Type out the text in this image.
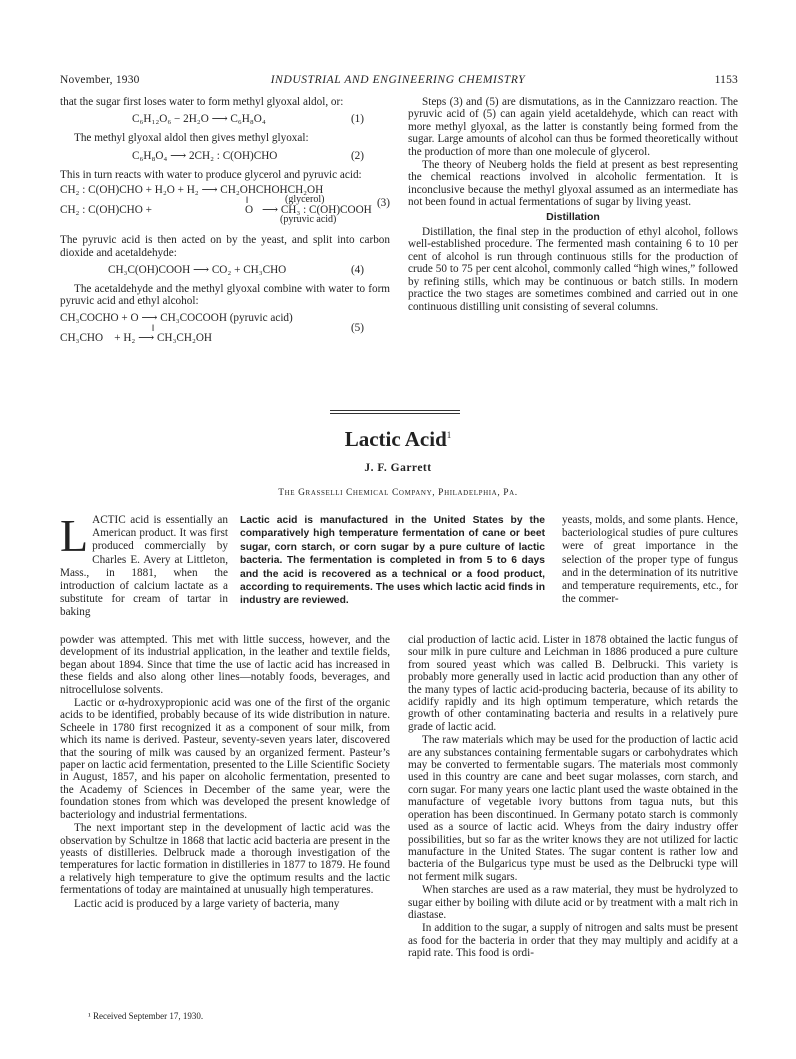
November, 1930	INDUSTRIAL AND ENGINEERING CHEMISTRY	1153

that the sugar first loses water to form methyl glyoxal aldol, or:

C₆H₁₂O₆ − 2H₂O ⟶ C₆H₈O₄	(1)

The methyl glyoxal aldol then gives methyl glyoxal:

C₆H₈O₄ ⟶ 2CH₂ : C(OH)CHO	(2)

This in turn reacts with water to produce glycerol and pyruvic acid:

CH₂ : C(OH)CHO + H₂O + H₂ ⟶ CH₂OHCHOHCH₂OH
‖	(glycerol)
CH₂ : C(OH)CHO +	O ⟶ CH₃ : C(OH)COOH
(pyruvic acid)
(3)

The pyruvic acid is then acted on by the yeast, and split into carbon dioxide and acetaldehyde:

CH₃C(OH)COOH ⟶ CO₂ + CH₃CHO	(4)

The acetaldehyde and the methyl glyoxal combine with water to form pyruvic acid and ethyl alcohol:

CH₃COCHO + O ⟶ CH₃COCOOH (pyruvic acid)
‖
CH₃CHO    + H₂ ⟶ CH₃CH₂OH
(5)

Steps (3) and (5) are dismutations, as in the Cannizzaro reaction. The pyruvic acid of (5) can again yield acetaldehyde, which can react with more methyl glyoxal, as the latter is constantly being formed from the sugar. Large amounts of alcohol can thus be formed theoretically without the production of more than one molecule of glycerol.

The theory of Neuberg holds the field at present as best representing the chemical reactions involved in alcoholic fermentation. It is inconclusive because the methyl glyoxal assumed as an intermediate has not been found in actual fermentations of sugar by living yeast.

Distillation

Distillation, the final step in the production of ethyl alcohol, follows well-established procedure. The fermented mash containing 6 to 10 per cent of alcohol is run through continuous stills for the production of crude 50 to 75 per cent alcohol, commonly called “high wines,” followed by refining stills, which may be continuous or batch stills. In modern practice the two stages are sometimes combined and carried out in one continuous distilling unit consisting of several columns.

Lactic Acid$^1$
J. F. Garrett
The Grasselli Chemical Company, Philadelphia, Pa.
Lactic acid is manufactured in the United States by the comparatively high temperature fermentation of cane or beet sugar, corn starch, or corn sugar by a pure culture of lactic bacteria. The fermentation is completed in from 5 to 6 days and the acid is recovered as a technical or a food product, according to requirements. The uses which lactic acid finds in industry are reviewed.
LACTIC acid is essentially an American product. It was first produced commercially by Charles E. Avery at Littleton, Mass., in 1881, when the introduction of calcium lactate as a substitute for cream of tartar in baking
yeasts, molds, and some plants. Hence, bacteriological studies of pure cultures were of great importance in the selection of the proper type of fungus and in the determination of its nutritive and temperature requirements, etc., for the commer-

powder was attempted. This met with little success, however, and the development of its industrial application, in the leather and textile fields, began about 1894. Since that time the use of lactic acid has increased in these fields and also along other lines—notably foods, beverages, and nitrocellulose solvents.

Lactic or α-hydroxypropionic acid was one of the first of the organic acids to be identified, probably because of its wide distribution in nature. Scheele in 1780 first recognized it as a component of sour milk, from which its name is derived. Pasteur, seventy-seven years later, discovered that the souring of milk was caused by an organized ferment. Pasteur’s paper on lactic acid fermentation, presented to the Lille Scientific Society in August, 1857, and his paper on alcoholic fermentation, presented to the Academy of Sciences in December of the same year, were the foundation stones from which was developed the present knowledge of bacteriology and industrial fermentations.

The next important step in the development of lactic acid was the observation by Schultze in 1868 that lactic acid bacteria are present in the yeasts of distilleries. Delbruck made a thorough investigation of the temperatures for lactic formation in distilleries in 1877 to 1879. He found a relatively high temperature to give the optimum results and the lactic fermentations of today are maintained at unusually high temperatures.

Lactic acid is produced by a large variety of bacteria, many

cial production of lactic acid. Lister in 1878 obtained the lactic fungus of sour milk in pure culture and Leichman in 1886 produced a pure culture from soured yeast which was called B. Delbrucki. This variety is probably more generally used in lactic acid production than any other of the many types of lactic acid-producing bacteria, because of its ability to acidify rapidly and its high optimum temperature, which retards the growth of other contaminating bacteria and results in a relatively pure grade of lactic acid.

The raw materials which may be used for the production of lactic acid are any substances containing fermentable sugars or carbohydrates which may be converted to fermentable sugars. The materials most commonly used in this country are cane and beet sugar molasses, corn starch, and corn sugar. For many years one lactic plant used the waste obtained in the manufacture of vegetable ivory buttons from tagua nuts, but this operation has been discontinued. In Germany potato starch is commonly used as a source of lactic acid. Wheys from the dairy industry offer possibilities, but so far as the writer knows they are not utilized for lactic manufacture in the United States. The sugar content is rather low and bacteria of the Bulgaricus type must be used as the Delbrucki type will not ferment milk sugars.

When starches are used as a raw material, they must be hydrolyzed to sugar either by boiling with dilute acid or by treatment with a malt rich in diastase.

In addition to the sugar, a supply of nitrogen and salts must be present as food for the bacteria in order that they may multiply and acidify at a rapid rate. This food is ordi-

¹ Received September 17, 1930.
